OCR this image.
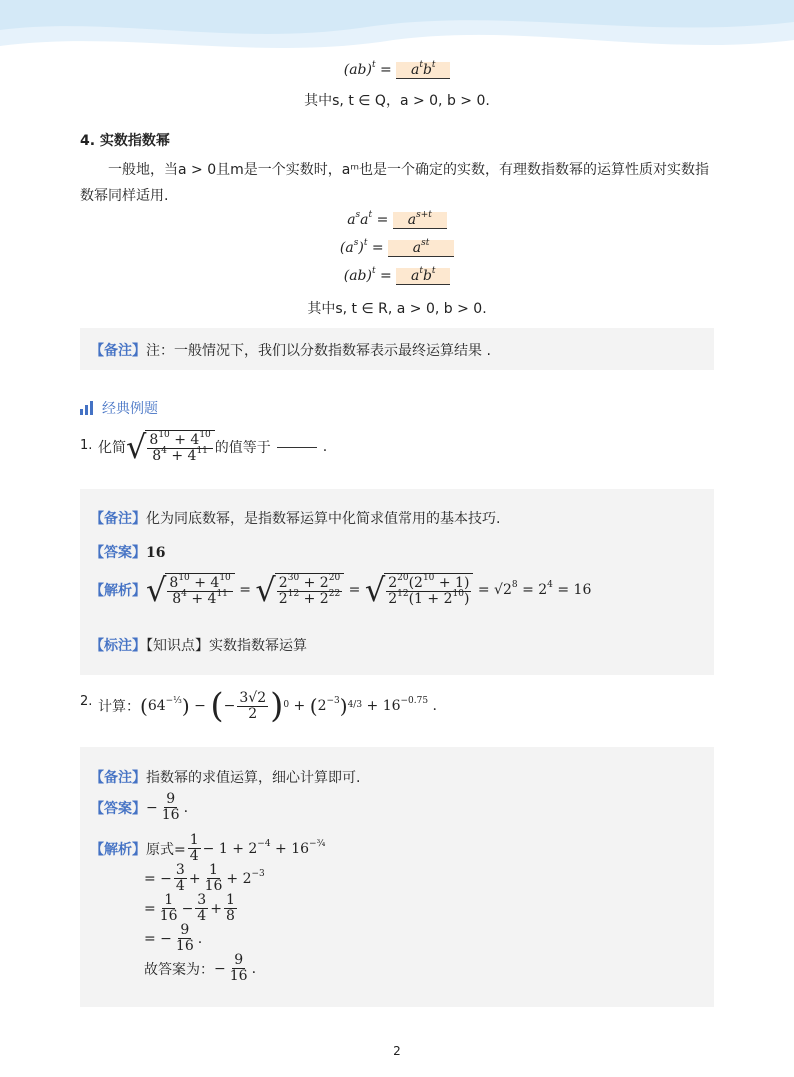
$(ab)^t = a^tb^t$
其中s, t ∈ Q，a > 0, b > 0.
4. 实数指数幂
一般地，当a > 0且m是一个实数时，aᵐ也是一个确定的实数，有理数指数幂的运算性质对实数指数幂同样适用.
$a^sa^t = a^{s+t}$
$(a^s)^t = a^{st}$
$(ab)^t = a^tb^t$
其中s, t ∈ R, a > 0, b > 0.
【备注】注：一般情况下，我们以分数指数幂表示最终运算结果 .
经典例题
1. 化简 √ $\frac{8^{10} + 4^{10}}{8^4 + 4^{11}}$ 的值等于	.
【备注】化为同底数幂，是指数幂运算中化简求值常用的基本技巧.
【答案】16
【解析】 √ $\frac{8^{10} + 4^{10}}{8^4 + 4^{11}}$ = √ $\frac{2^{30} + 2^{20}}{2^{12} + 2^{22}}$ = √ $\frac{2^{20}(2^{10} + 1)}{2^{12}(1 + 2^{10})} = √2^8 = 2^4 = 16$
【标注】【知识点】实数指数幂运算
2. 计算： ( $64^{-\frac{1}{3}}$ ) − ( − $\frac{3√2}{2} )^0$ + ( $2^{-3}$ )$^{4/3} + 16^{-0.75}$ .
【备注】指数幂的求值运算，细心计算即可.
【答案】 − $\frac{9}{16}$ .
【解析】 原式= $\frac{1}{4} - 1 + 2^{-4} + 16^{-\frac{3}{4}}$
= − $\frac{3}{4} + \frac{1}{16} + 2^{-3}$
= $\frac{1}{16} - \frac{3}{4} + \frac{1}{8}$
= − $\frac{9}{16}$ .
故答案为： − $\frac{9}{16}$ .
2
